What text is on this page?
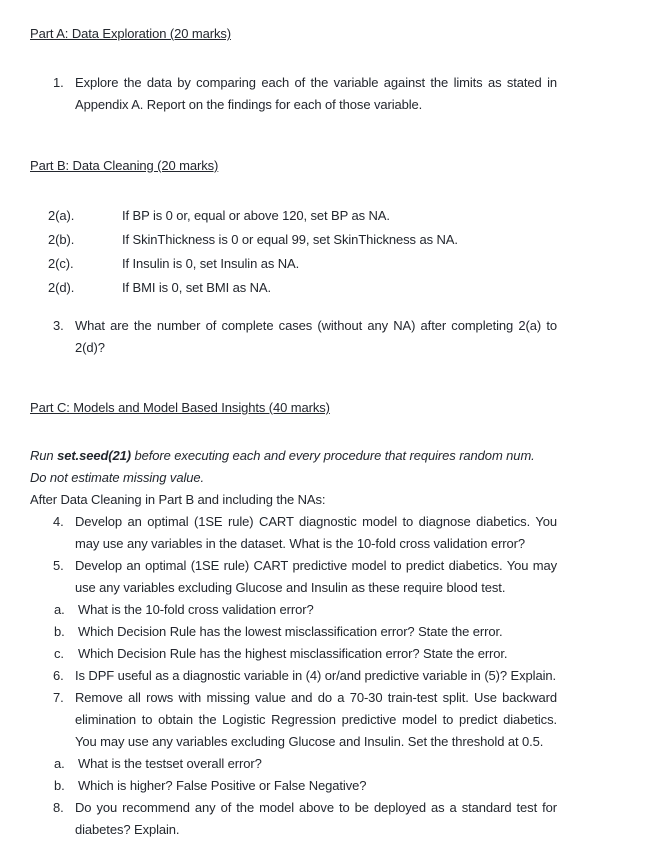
Part A: Data Exploration (20 marks)
1. Explore the data by comparing each of the variable against the limits as stated in Appendix A. Report on the findings for each of those variable.
Part B: Data Cleaning (20 marks)
2(a).	If BP is 0 or, equal or above 120, set BP as NA.
2(b).	If SkinThickness is 0 or equal 99, set SkinThickness as NA.
2(c).	If Insulin is 0, set Insulin as NA.
2(d).	If BMI is 0, set BMI as NA.
3. What are the number of complete cases (without any NA) after completing 2(a) to 2(d)?
Part C: Models and Model Based Insights (40 marks)
Run set.seed(21) before executing each and every procedure that requires random num.
Do not estimate missing value.
After Data Cleaning in Part B and including the NAs:
4. Develop an optimal (1SE rule) CART diagnostic model to diagnose diabetics. You may use any variables in the dataset. What is the 10-fold cross validation error?
5. Develop an optimal (1SE rule) CART predictive model to predict diabetics. You may use any variables excluding Glucose and Insulin as these require blood test.
a.	What is the 10-fold cross validation error?
b.	Which Decision Rule has the lowest misclassification error? State the error.
c.	Which Decision Rule has the highest misclassification error? State the error.
6. Is DPF useful as a diagnostic variable in (4) or/and predictive variable in (5)? Explain.
7. Remove all rows with missing value and do a 70-30 train-test split. Use backward elimination to obtain the Logistic Regression predictive model to predict diabetics. You may use any variables excluding Glucose and Insulin. Set the threshold at 0.5.
a.	What is the testset overall error?
b.	Which is higher? False Positive or False Negative?
8. Do you recommend any of the model above to be deployed as a standard test for diabetes? Explain.
